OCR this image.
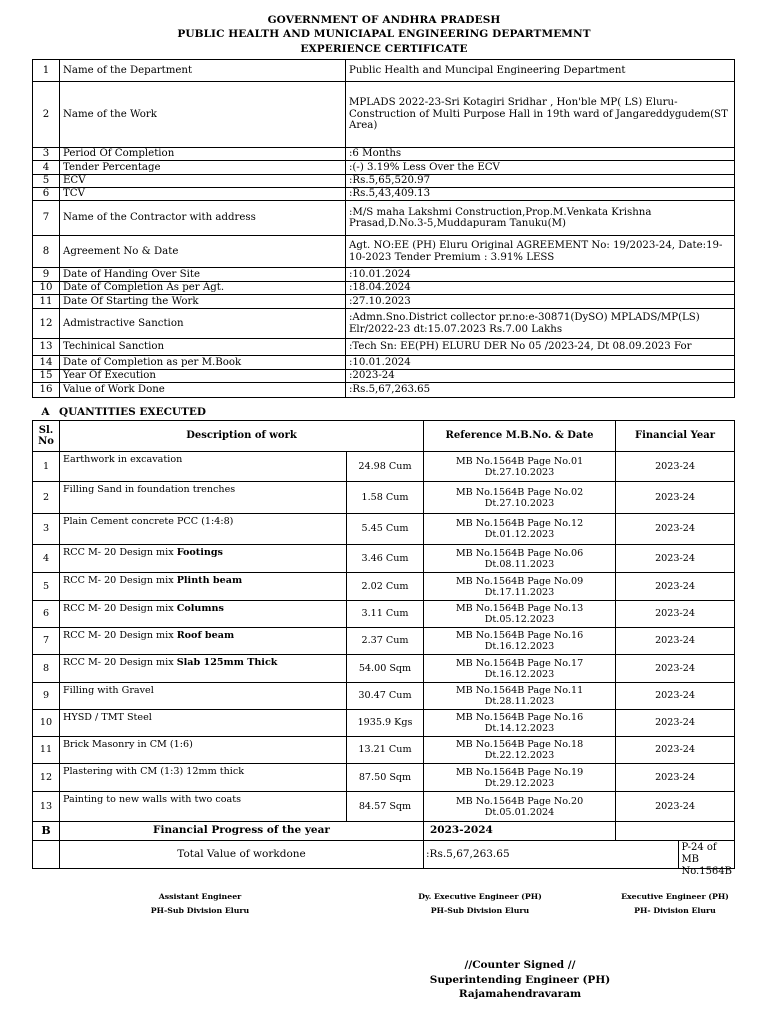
GOVERNMENT OF ANDHRA PRADESH
PUBLIC HEALTH AND MUNICIAPAL ENGINEERING DEPARTMEMNT
EXPERIENCE CERTIFICATE
1	Name of the Department	Public Health and Muncipal Engineering Department
2	Name of the Work	MPLADS 2022-23-Sri Kotagiri Sridhar , Hon'ble MP( LS) Eluru-Construction of Multi Purpose Hall in 19th ward of Jangareddygudem(ST Area)
3	Period Of Completion	:6 Months
4	Tender Percentage	:(-) 3.19% Less Over the ECV
5	ECV	:Rs.5,65,520.97
6	TCV	:Rs.5,43,409.13
7	Name of the Contractor with address	:M/S maha Lakshmi Construction,Prop.M.Venkata Krishna Prasad,D.No.3-5,Muddapuram Tanuku(M)
8	Agreement No & Date	Agt. NO:EE (PH) Eluru Original AGREEMENT No: 19/2023-24, Date:19-10-2023 Tender Premium : 3.91% LESS
9	Date of Handing Over Site	:10.01.2024
10	Date of Completion As per Agt.	:18.04.2024
11	Date Of Starting the Work	:27.10.2023
12	Admistractive Sanction	:Admn.Sno.District collector pr.no:e-30871(DySO) MPLADS/MP(LS) Elr/2022-23 dt:15.07.2023 Rs.7.00 Lakhs
13	Techinical Sanction	:Tech Sn: EE(PH) ELURU DER No 05 /2023-24, Dt 08.09.2023 For
14	Date of Completion as per M.Book	:10.01.2024
15	Year Of Execution	:2023-24
16	Value of Work Done	:Rs.5,67,263.65
A QUANTITIES EXECUTED
Sl.
No	Description of work		Reference M.B.No. & Date	Financial Year
1	Earthwork in excavation	24.98 Cum	MB No.1564B Page No.01
Dt.27.10.2023	2023-24
2	Filling Sand in foundation trenches	1.58 Cum	MB No.1564B Page No.02
Dt.27.10.2023	2023-24
3	Plain Cement concrete PCC (1:4:8)	5.45 Cum	MB No.1564B Page No.12
Dt.01.12.2023	2023-24
4	RCC M- 20 Design mix Footings	3.46 Cum	MB No.1564B Page No.06
Dt.08.11.2023	2023-24
5	RCC M- 20 Design mix Plinth beam	2.02 Cum	MB No.1564B Page No.09
Dt.17.11.2023	2023-24
6	RCC M- 20 Design mix Columns	3.11 Cum	MB No.1564B Page No.13
Dt.05.12.2023	2023-24
7	RCC M- 20 Design mix Roof beam	2.37 Cum	MB No.1564B Page No.16
Dt.16.12.2023	2023-24
8	RCC M- 20 Design mix Slab 125mm Thick	54.00 Sqm	MB No.1564B Page No.17
Dt.16.12.2023	2023-24
9	Filling with Gravel	30.47 Cum	MB No.1564B Page No.11
Dt.28.11.2023	2023-24
10	HYSD / TMT Steel	1935.9 Kgs	MB No.1564B Page No.16
Dt.14.12.2023	2023-24
11	Brick Masonry in CM (1:6)	13.21 Cum	MB No.1564B Page No.18
Dt.22.12.2023	2023-24
12	Plastering with CM (1:3) 12mm thick	87.50 Sqm	MB No.1564B Page No.19
Dt.29.12.2023	2023-24
13	Painting to new walls with two coats	84.57 Sqm	MB No.1564B Page No.20
Dt.05.01.2024	2023-24
B	Financial Progress of the year		2023-2024	
	Total Value of workdone		:Rs.5,67,263.65
P-24 of MB No.1564B	
Assistant Engineer
PH-Sub Division Eluru
Dy. Executive Engineer (PH)
PH-Sub Division Eluru
Executive Engineer (PH)
PH- Division Eluru
//Counter Signed //
Superintending Engineer (PH)
Rajamahendravaram
